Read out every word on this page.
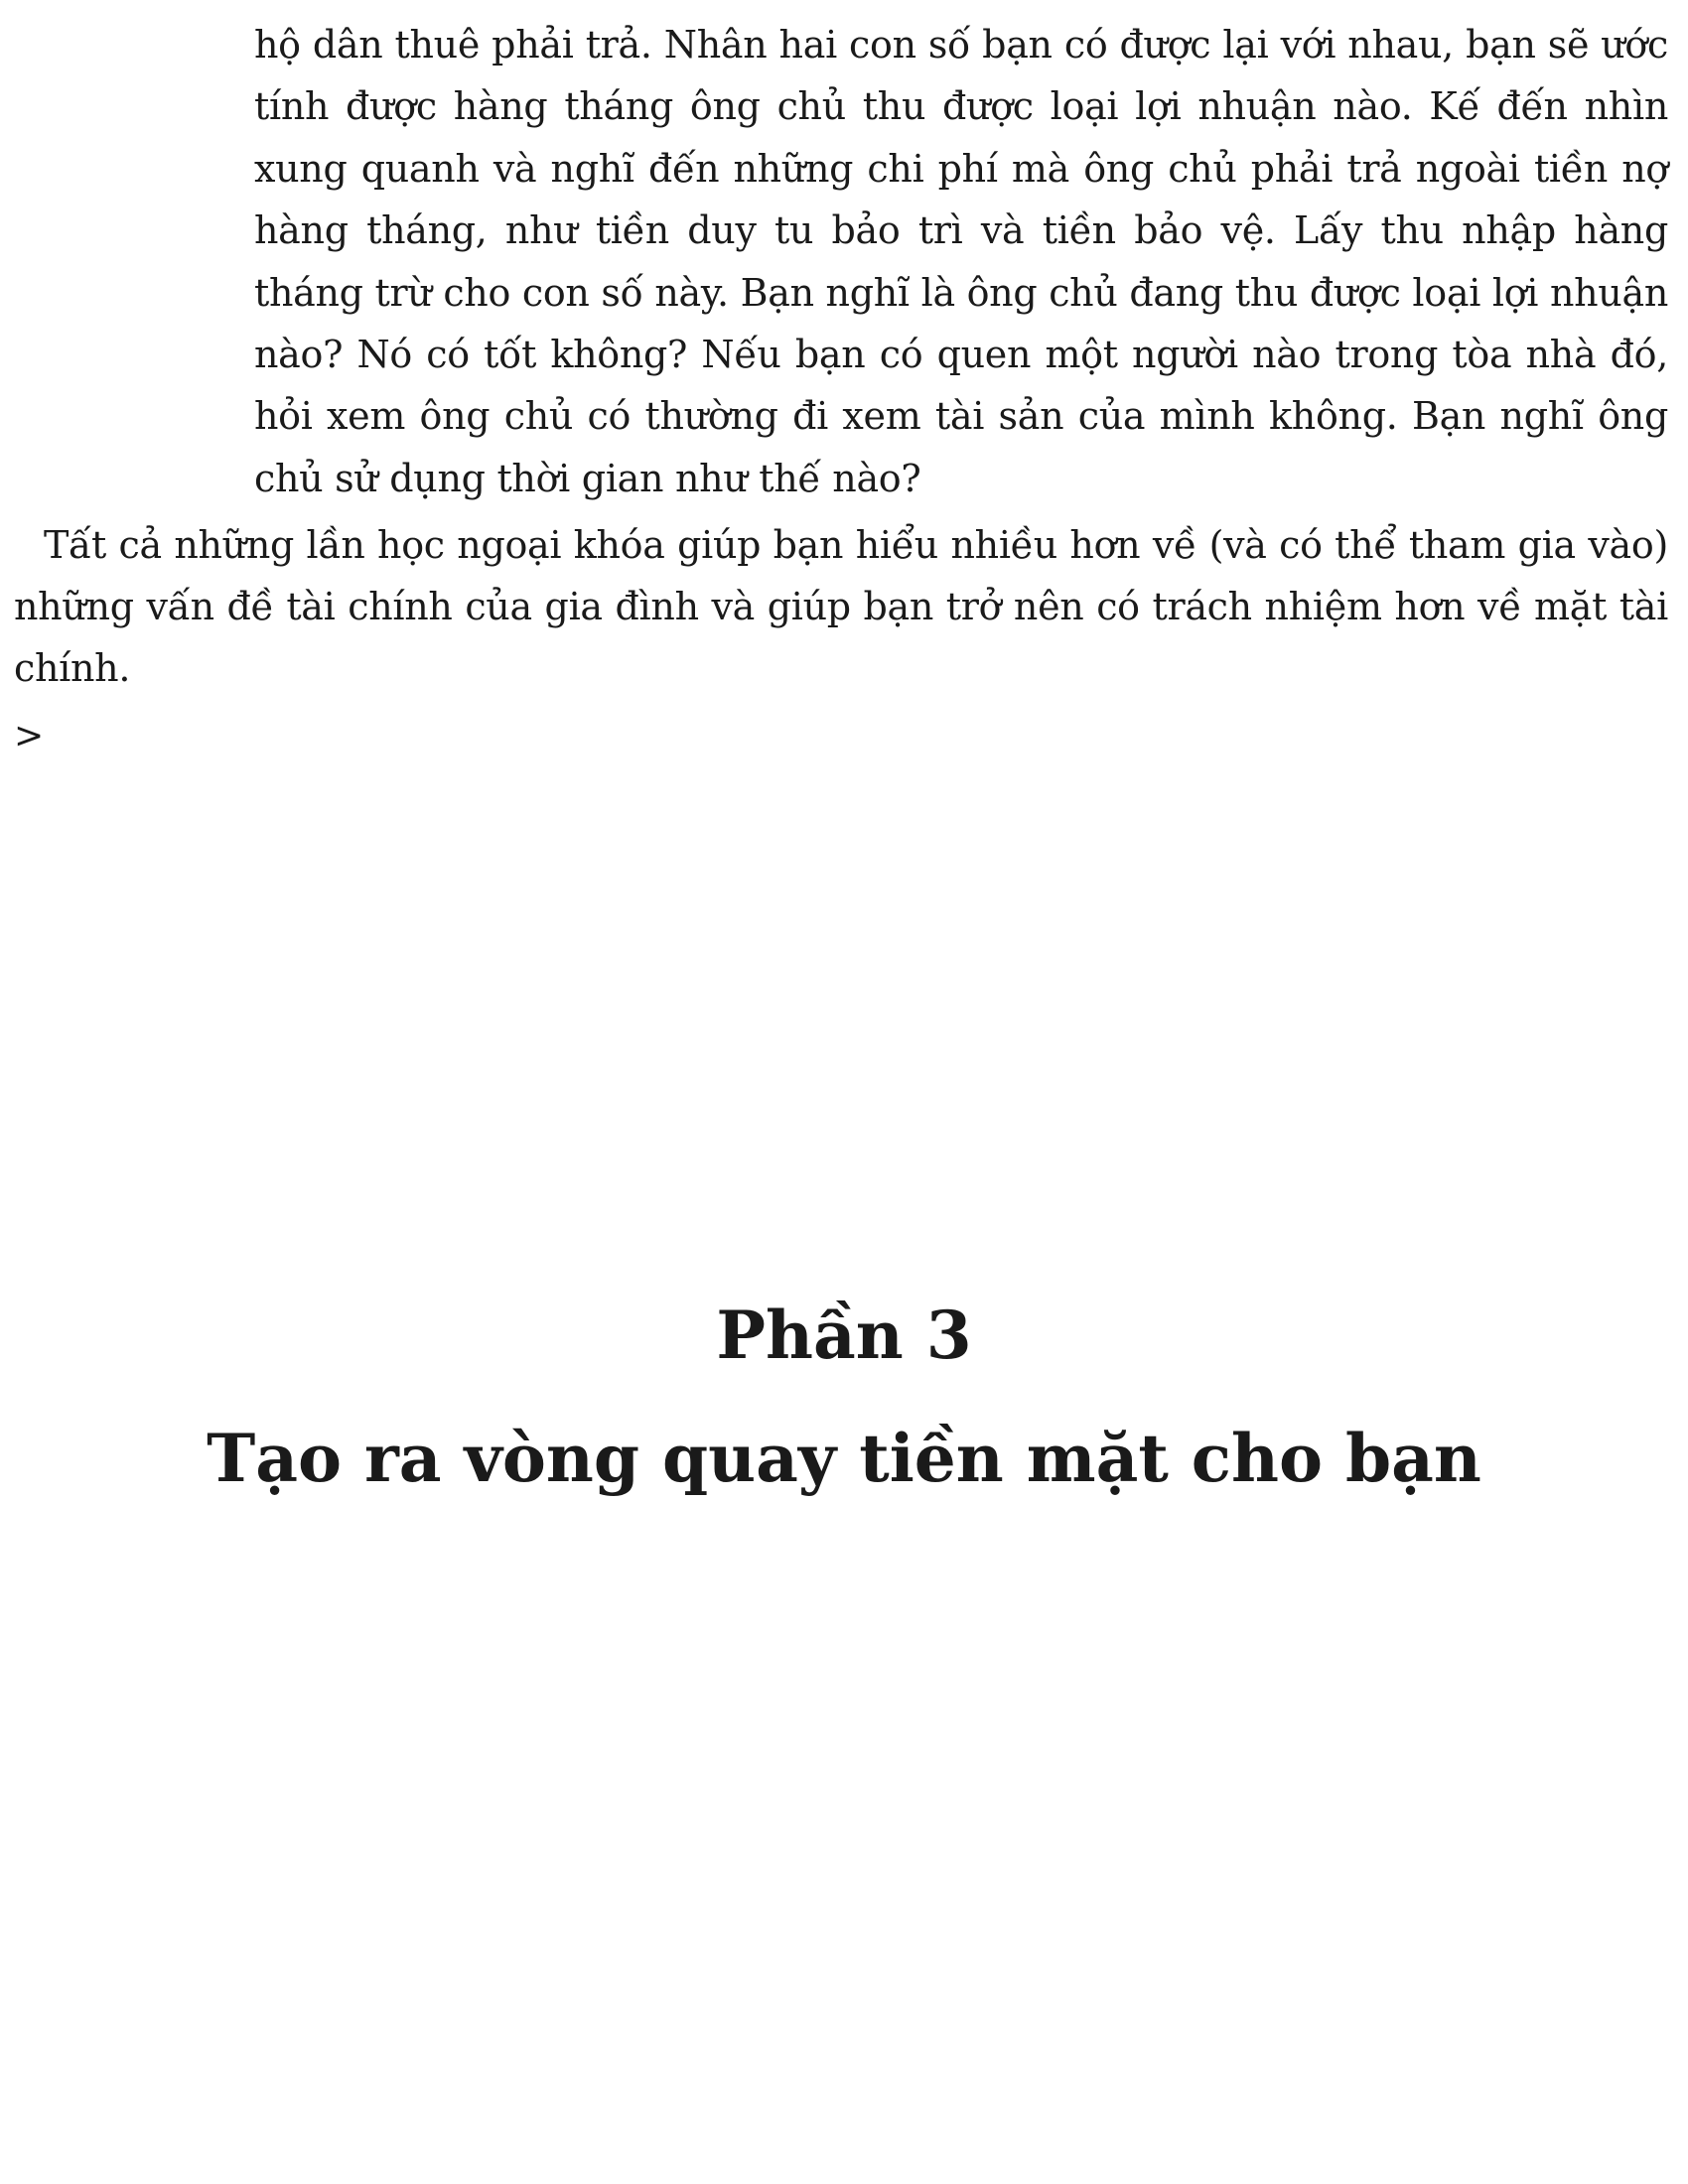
hộ dân thuê phải trả. Nhân hai con số bạn có được lại với nhau, bạn sẽ ước tính được hàng tháng ông chủ thu được loại lợi nhuận nào. Kế đến nhìn xung quanh và nghĩ đến những chi phí mà ông chủ phải trả ngoài tiền nợ hàng tháng, như tiền duy tu bảo trì và tiền bảo vệ. Lấy thu nhập hàng tháng trừ cho con số này. Bạn nghĩ là ông chủ đang thu được loại lợi nhuận nào? Nó có tốt không? Nếu bạn có quen một người nào trong tòa nhà đó, hỏi xem ông chủ có thường đi xem tài sản của mình không. Bạn nghĩ ông chủ sử dụng thời gian như thế nào?

Tất cả những lần học ngoại khóa giúp bạn hiểu nhiều hơn về (và có thể tham gia vào) những vấn đề tài chính của gia đình và giúp bạn trở nên có trách nhiệm hơn về mặt tài chính.

>

Phần 3
Tạo ra vòng quay tiền mặt cho bạn
